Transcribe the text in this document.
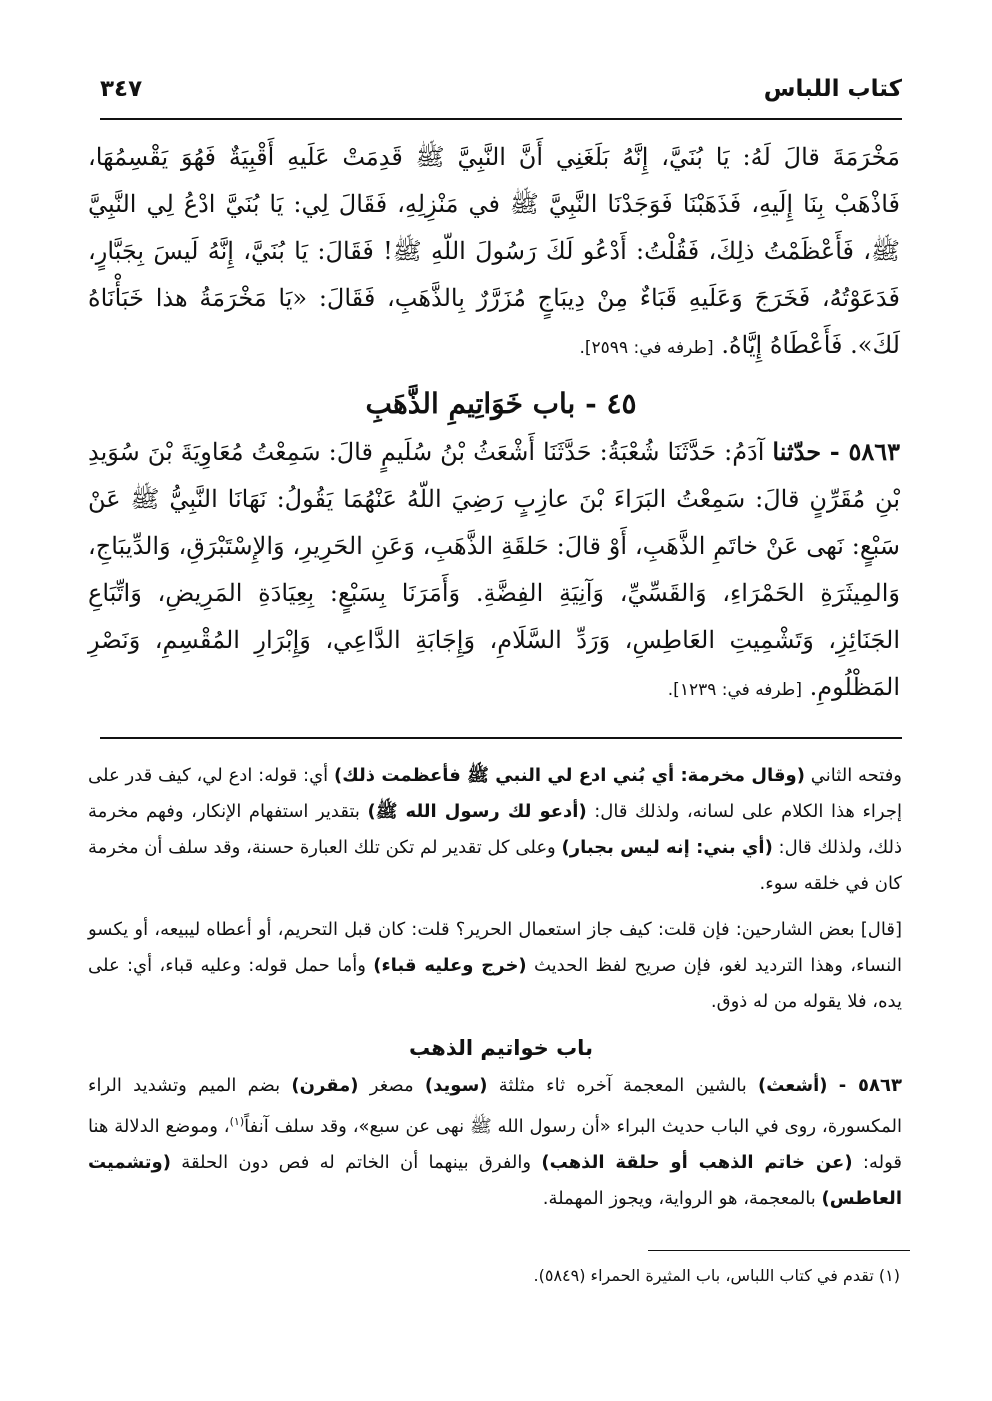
كتاب اللباس
٣٤٧

مَخْرَمَةَ قالَ لَهُ: يَا بُنَيَّ، إِنَّهُ بَلَغَنِي أَنَّ النَّبِيَّ ﷺ قَدِمَتْ عَلَيهِ أَقْبِيَةٌ فَهُوَ يَقْسِمُهَا، فَاذْهَبْ بِنَا إِلَيهِ، فَذَهَبْنَا فَوَجَدْنَا النَّبِيَّ ﷺ في مَنْزِلِهِ، فَقَالَ لِي: يَا بُنَيَّ ادْعُ لِي النَّبِيَّ ﷺ، فَأَعْظَمْتُ ذلِكَ، فَقُلْتُ: أَدْعُو لَكَ رَسُولَ اللّهِ ﷺ! فَقَالَ: يَا بُنَيَّ، إِنَّهُ لَيسَ بِجَبَّارٍ، فَدَعَوْتُهُ، فَخَرَجَ وَعَلَيهِ قَبَاءٌ مِنْ دِيبَاجٍ مُزَرَّرٌ بِالذَّهَبِ، فَقَالَ: «يَا مَخْرَمَةُ هذا خَبَأْنَاهُ لَكَ». فَأَعْطَاهُ إِيَّاهُ. [طرفه في: ٢٥٩٩].

٤٥ - باب خَوَاتِيمِ الذَّهَبِ

٥٨٦٣ - حدّثنا آدَمُ: حَدَّثَنَا شُعْبَةُ: حَدَّثَنَا أَشْعَثُ بْنُ سُلَيمٍ قالَ: سَمِعْتُ مُعَاوِيَةَ بْنَ سُوَيدِ بْنِ مُقَرِّنٍ قالَ: سَمِعْتُ البَرَاءَ بْنَ عازِبٍ رَضِيَ اللّهُ عَنْهُمَا يَقُولُ: نَهَانَا النَّبِيُّ ﷺ عَنْ سَبْعٍ: نَهى عَنْ خاتَمِ الذَّهَبِ، أَوْ قالَ: حَلقَةِ الذَّهَبِ، وَعَنِ الحَرِيرِ، وَالإِسْتَبْرَقِ، وَالدِّيبَاجِ، وَالمِيثَرَةِ الحَمْرَاءِ، وَالقَسِّيِّ، وَآنِيَةِ الفِضَّةِ. وَأَمَرَنَا بِسَبْعٍ: بِعِيَادَةِ المَرِيضِ، وَاتِّبَاعِ الجَنَائِزِ، وَتَشْمِيتِ العَاطِسِ، وَرَدِّ السَّلَامِ، وَإِجَابَةِ الدَّاعِي، وَإِبْرَارِ المُقْسِمِ، وَنَصْرِ المَظْلُومِ. [طرفه في: ١٢٣٩].

وفتحه الثاني (وقال مخرمة: أي بُني ادع لي النبي ﷺ فأعظمت ذلك) أي: قوله: ادع لي، كيف قدر على إجراء هذا الكلام على لسانه، ولذلك قال: (أدعو لك رسول الله ﷺ) بتقدير استفهام الإنكار، وفهم مخرمة ذلك، ولذلك قال: (أي بني: إنه ليس بجبار) وعلى كل تقدير لم تكن تلك العبارة حسنة، وقد سلف أن مخرمة كان في خلقه سوء.

[قال] بعض الشارحين: فإن قلت: كيف جاز استعمال الحرير؟ قلت: كان قبل التحريم، أو أعطاه ليبيعه، أو يكسو النساء، وهذا الترديد لغو، فإن صريح لفظ الحديث (خرج وعليه قباء) وأما حمل قوله: وعليه قباء، أي: على يده، فلا يقوله من له ذوق.

باب خواتيم الذهب

٥٨٦٣ - (أشعث) بالشين المعجمة آخره ثاء مثلثة (سويد) مصغر (مقرن) بضم الميم وتشديد الراء المكسورة، روى في الباب حديث البراء «أن رسول الله ﷺ نهى عن سبع»، وقد سلف آنفاً$^{(١)}$، وموضع الدلالة هنا قوله: (عن خاتم الذهب أو حلقة الذهب) والفرق بينهما أن الخاتم له فص دون الحلقة (وتشميت العاطس) بالمعجمة، هو الرواية، ويجوز المهملة.

(١) تقدم في كتاب اللباس، باب المثيرة الحمراء (٥٨٤٩).
